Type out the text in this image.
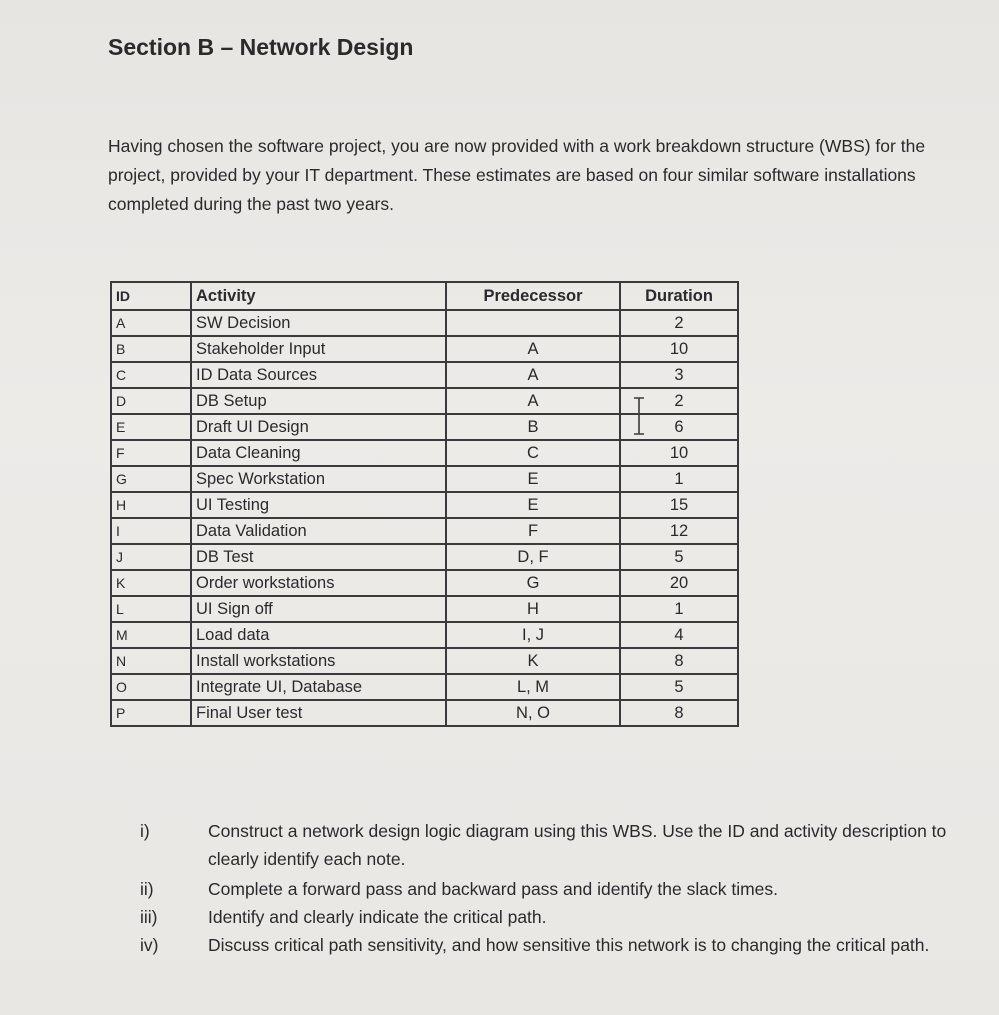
Section B – Network Design
Having chosen the software project, you are now provided with a work breakdown structure (WBS) for the project, provided by your IT department. These estimates are based on four similar software installations completed during the past two years.
ID	Activity	Predecessor	Duration
A	SW Decision		2
B	Stakeholder Input	A	10
C	ID Data Sources	A	3
D	DB Setup	A	2
E	Draft UI Design	B	6
F	Data Cleaning	C	10
G	Spec Workstation	E	1
H	UI Testing	E	15
I	Data Validation	F	12
J	DB Test	D, F	5
K	Order workstations	G	20
L	UI Sign off	H	1
M	Load data	I, J	4
N	Install workstations	K	8
O	Integrate UI, Database	L, M	5
P	Final User test	N, O	8
i)	Construct a network design logic diagram using this WBS. Use the ID and activity description to clearly identify each note.
ii)	Complete a forward pass and backward pass and identify the slack times.
iii)	Identify and clearly indicate the critical path.
iv)	Discuss critical path sensitivity, and how sensitive this network is to changing the critical path.
